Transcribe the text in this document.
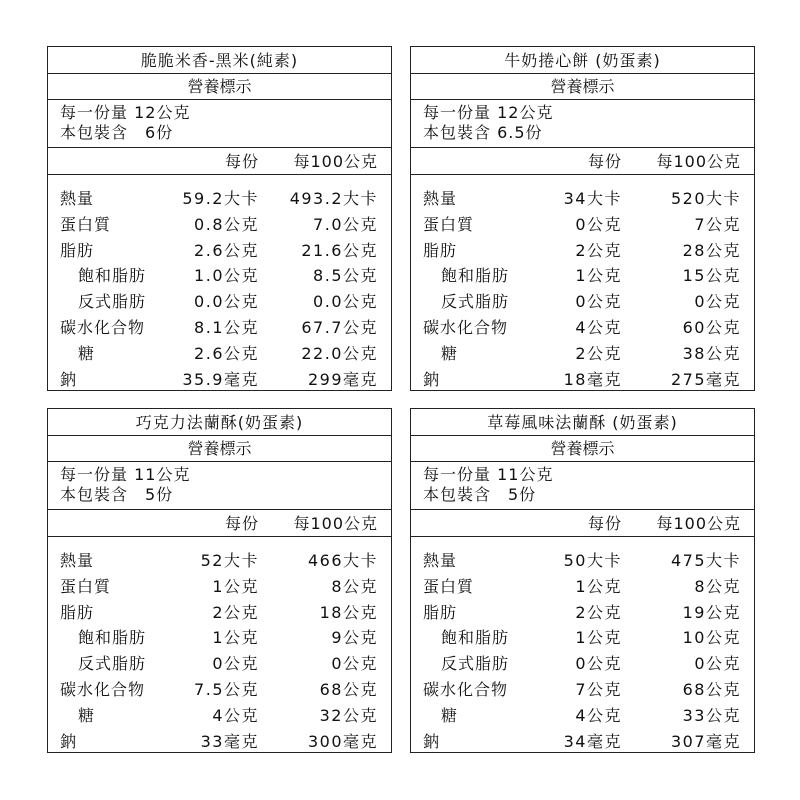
脆脆米香-黑米(純素)
營養標示
每一份量 12公克
本包裝含　6份
每份 每100公克
熱量	59.2大卡 493.2大卡
蛋白質	0.8公克	7.0公克
脂肪	2.6公克	21.6公克
飽和脂肪	1.0公克	8.5公克
反式脂肪	0.0公克	0.0公克
碳水化合物	8.1公克	67.7公克
糖	2.6公克	22.0公克
鈉	35.9毫克	299毫克
牛奶捲心餅 (奶蛋素)
營養標示
每一份量 12公克
本包裝含 6.5份
每份 每100公克
熱量	34大卡	520大卡
蛋白質	0公克	7公克
脂肪	2公克	28公克
飽和脂肪	1公克	15公克
反式脂肪	0公克	0公克
碳水化合物	4公克	60公克
糖	2公克	38公克
鈉	18毫克	275毫克
巧克力法蘭酥(奶蛋素)
營養標示
每一份量 11公克
本包裝含　5份
每份 每100公克
熱量	52大卡	466大卡
蛋白質	1公克	8公克
脂肪	2公克	18公克
飽和脂肪	1公克	9公克
反式脂肪	0公克	0公克
碳水化合物	7.5公克	68公克
糖	4公克	32公克
鈉	33毫克	300毫克
草莓風味法蘭酥 (奶蛋素)
營養標示
每一份量 11公克
本包裝含　5份
每份 每100公克
熱量	50大卡	475大卡
蛋白質	1公克	8公克
脂肪	2公克	19公克
飽和脂肪	1公克	10公克
反式脂肪	0公克	0公克
碳水化合物	7公克	68公克
糖	4公克	33公克
鈉	34毫克	307毫克
